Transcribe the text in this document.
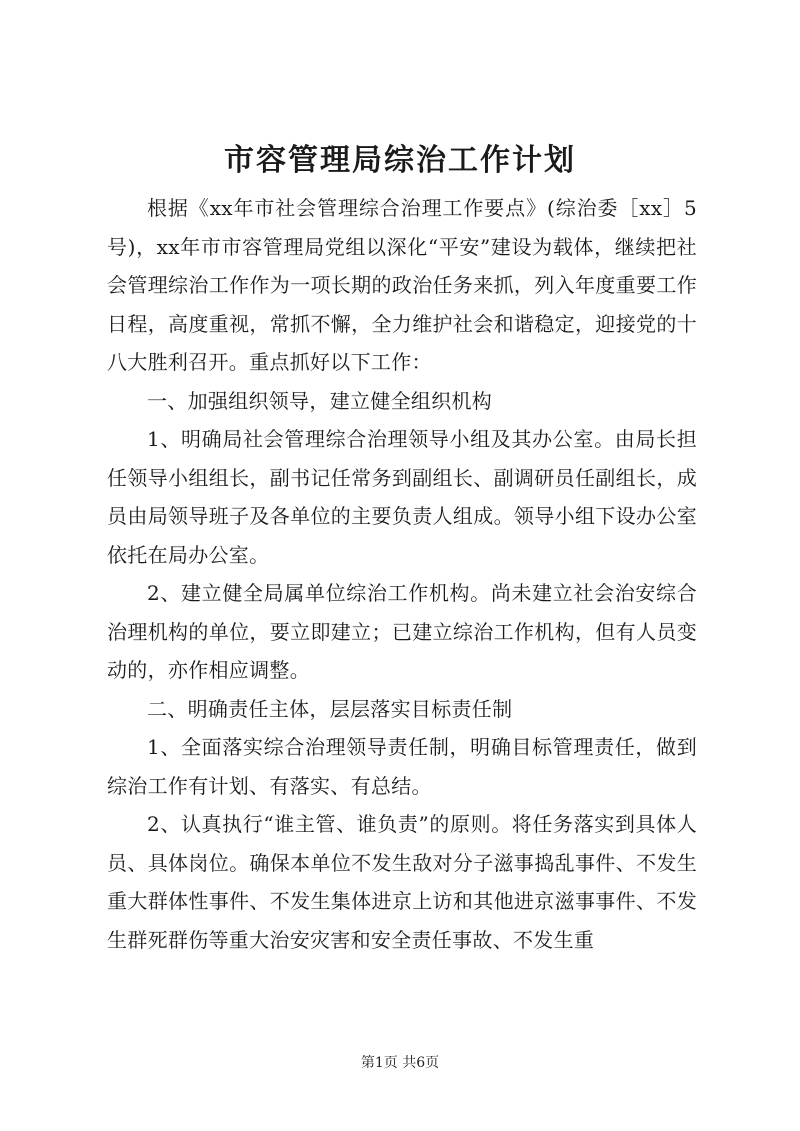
市容管理局综治工作计划

根据《xx年市社会管理综合治理工作要点》(综治委［xx］5号)，xx年市市容管理局党组以深化“平安”建设为载体，继续把社会管理综治工作作为一项长期的政治任务来抓，列入年度重要工作日程，高度重视，常抓不懈，全力维护社会和谐稳定，迎接党的十八大胜利召开。重点抓好以下工作：

一、加强组织领导，建立健全组织机构

1、明确局社会管理综合治理领导小组及其办公室。由局长担任领导小组组长，副书记任常务到副组长、副调研员任副组长，成员由局领导班子及各单位的主要负责人组成。领导小组下设办公室依托在局办公室。

2、建立健全局属单位综治工作机构。尚未建立社会治安综合治理机构的单位，要立即建立；已建立综治工作机构，但有人员变动的，亦作相应调整。

二、明确责任主体，层层落实目标责任制

1、全面落实综合治理领导责任制，明确目标管理责任，做到综治工作有计划、有落实、有总结。

2、认真执行“谁主管、谁负责”的原则。将任务落实到具体人员、具体岗位。确保本单位不发生敌对分子滋事捣乱事件、不发生重大群体性事件、不发生集体进京上访和其他进京滋事事件、不发生群死群伤等重大治安灾害和安全责任事故、不发生重

第1页 共6页
